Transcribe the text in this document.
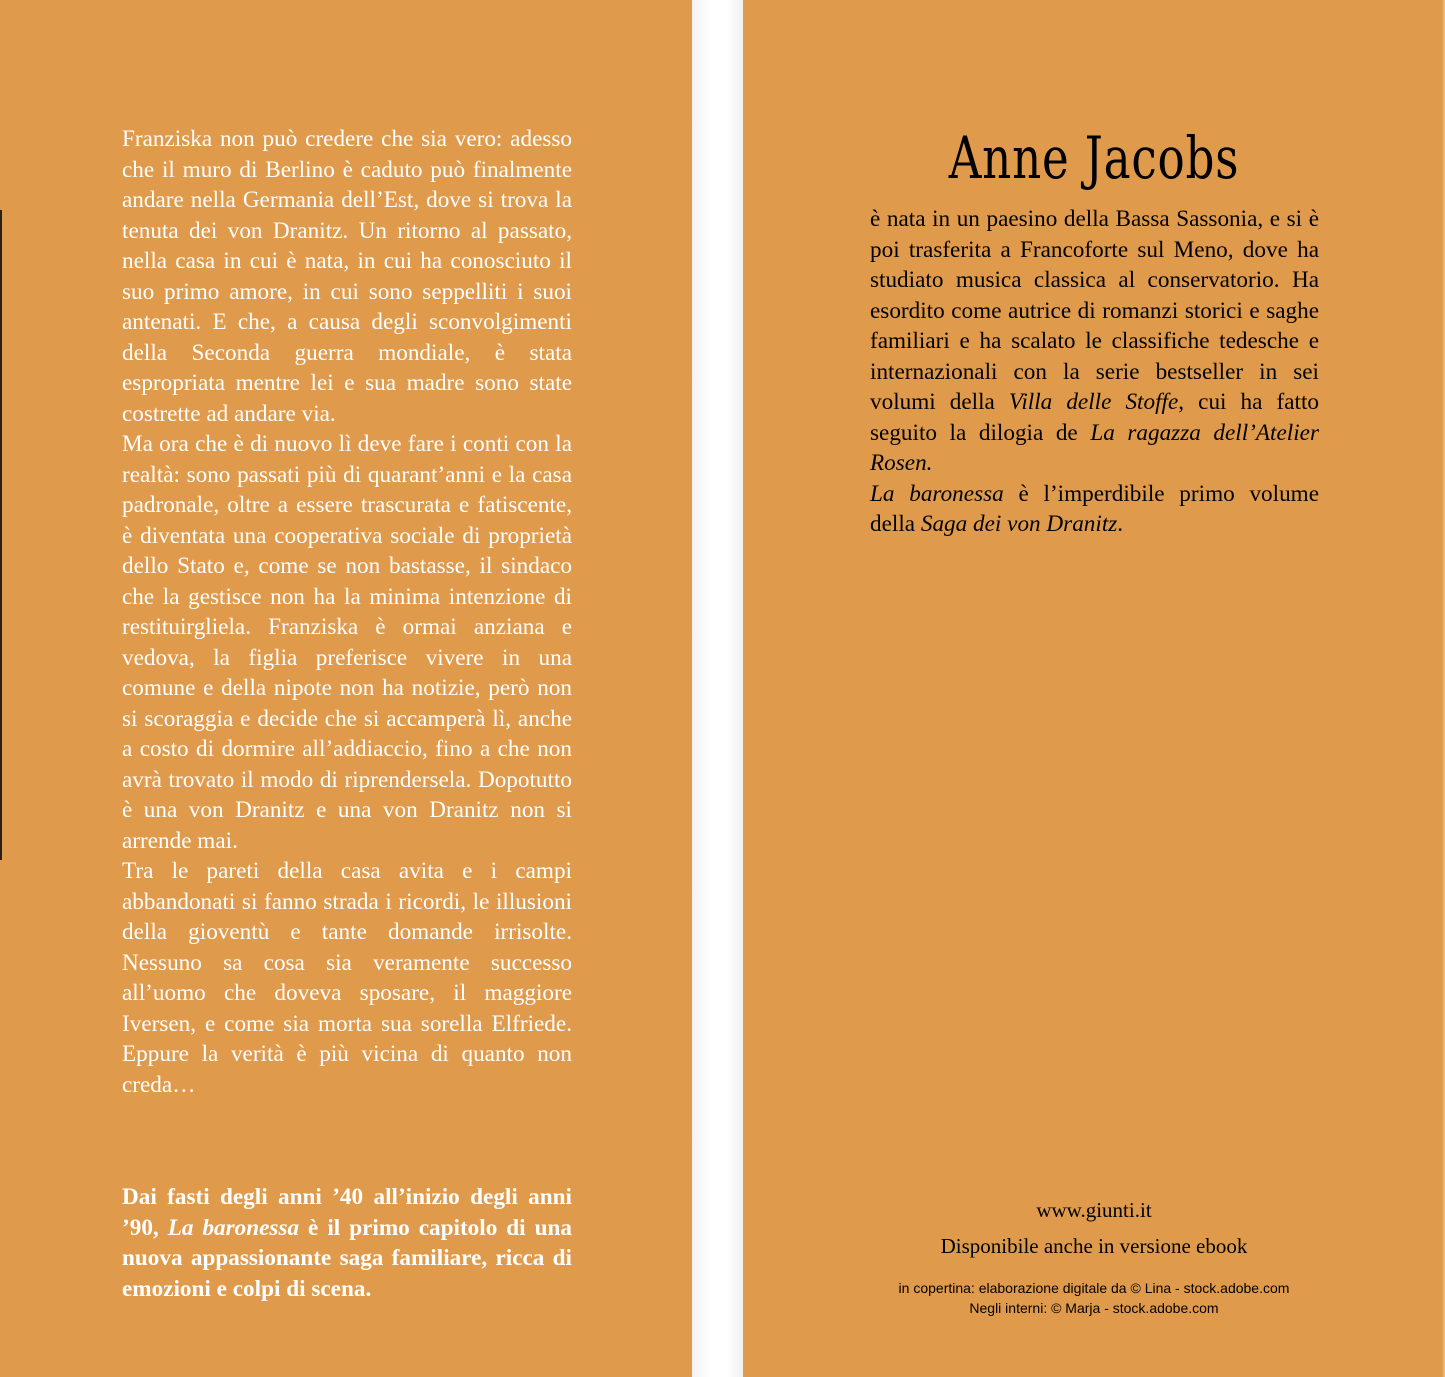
Franziska non può credere che sia vero: adesso che il muro di Berlino è caduto può finalmente andare nella Germania dell’Est, dove si trova la tenuta dei von Dranitz. Un ritorno al passato, nella casa in cui è nata, in cui ha conosciuto il suo primo amore, in cui sono seppelliti i suoi antenati. E che, a causa degli sconvolgimenti della Seconda guerra mondiale, è stata espropriata mentre lei e sua madre sono state costrette ad andare via.

Ma ora che è di nuovo lì deve fare i conti con la realtà: sono passati più di quarant’anni e la casa padronale, oltre a essere trascurata e fatiscente, è diventata una cooperativa sociale di proprietà dello Stato e, come se non bastasse, il sindaco che la gestisce non ha la minima intenzione di restituirgliela. Franziska è ormai anziana e vedova, la figlia preferisce vivere in una comune e della nipote non ha notizie, però non si scoraggia e decide che si accamperà lì, anche a costo di dormire all’addiaccio, fino a che non avrà trovato il modo di riprendersela. Dopotutto è una von Dranitz e una von Dranitz non si arrende mai.

Tra le pareti della casa avita e i campi abbandonati si fanno strada i ricordi, le illusioni della gioventù e tante domande irrisolte. Nessuno sa cosa sia veramente successo all’uomo che doveva sposare, il maggiore Iversen, e come sia morta sua sorella Elfriede. Eppure la verità è più vicina di quanto non creda…

Dai fasti degli anni ’40 all’inizio degli anni ’90, La baronessa è il primo capitolo di una nuova appassionante saga familiare, ricca di emozioni e colpi di scena.
Anne Jacobs

è nata in un paesino della Bassa Sassonia, e si è poi trasferita a Francoforte sul Meno, dove ha studiato musica classica al conservatorio. Ha esordito come autrice di romanzi storici e saghe familiari e ha scalato le classifiche tedesche e internazionali con la serie bestseller in sei volumi della Villa delle Stoffe, cui ha fatto seguito la dilogia de La ragazza dell’Atelier Rosen.

La baronessa è l’imperdibile primo volume della Saga dei von Dranitz.

www.giunti.it
Disponibile anche in versione ebook
in copertina: elaborazione digitale da © Lina - stock.adobe.com
Negli interni: © Marja - stock.adobe.com
